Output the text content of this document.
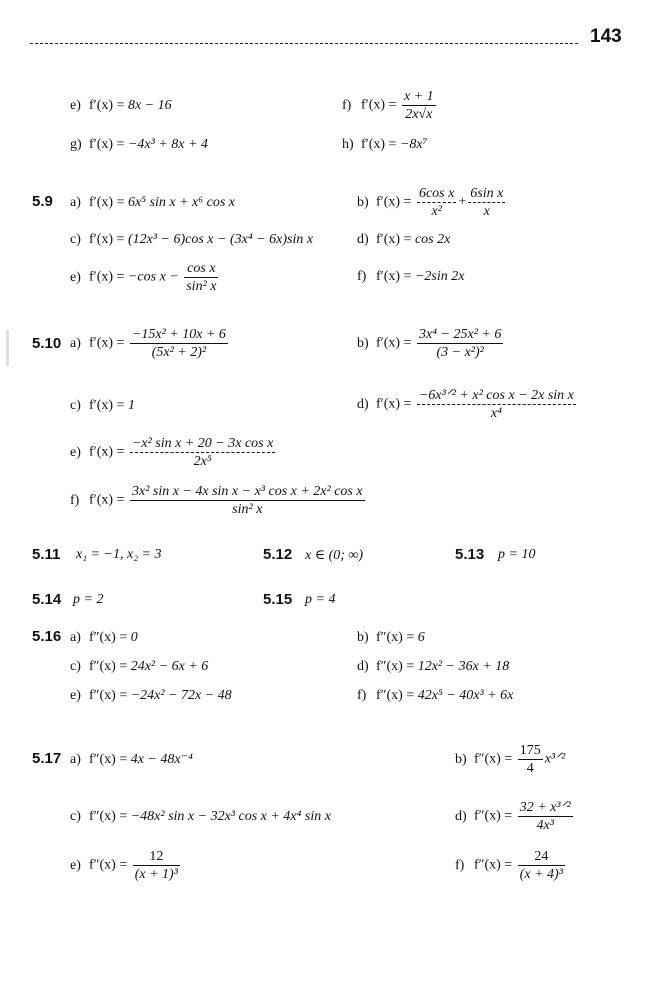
143
e) f′(x) = 8x − 16	f) $f'(x) = \frac{x + 1}{2x√x}$
g) f′(x) = −4x³ + 8x + 4	h) f′(x) = −8x⁷
5.9 a) f′(x) = 6x⁵ sin x + x⁶ cos x	b) $f'(x) = \frac{\text{6cos x}}{\text{x²}} + \frac{\text{6sin x}}{x}$
c) f′(x) = (12x³ − 6)cos x − (3x⁴ − 6x)sin x	d) f′(x) = cos 2x
e) f′(x) = −cos $x - \frac{\text{cos x}}{\text{sin² x}}$	f) f′(x) = −2sin 2x
5.10 a) $f'(x) = \frac{\text{−15x² + 10x + 6}}{\text{(5x² + 2)²}}$	b) $f'(x) = \frac{\text{3x⁴ − 25x² + 6}}{\text{(3 − x²)²}}$
c) f′(x) = 1	d) $f'(x) = \frac{\text{−6x³ᐟ² + x² cos x − 2x sin x}}{\text{x⁴}}$
e) $f'(x) = \frac{\text{−x² sin x + 20 − 3x cos x}}{\text{2x⁵}}$
f) $f'(x) = \frac{\text{3x² sin x − 4x sin x − x³ cos x + 2x² cos x}}{\text{sin² x}}$
5.11 x₁ = −1, x₂ = 3	5.12 x ∈ (0; ∞)	5.13 p = 10
5.14 p = 2	5.15 p = 4
5.16 a) f″(x) = 0	b) f″(x) = 6
c) f″(x) = 24x² − 6x + 6	d) f″(x) = 12x² − 36x + 18
e) f″(x) = −24x² − 72x − 48	f) f″(x) = 42x⁵ − 40x³ + 6x
5.17 a) f″(x) = 4x − 48x⁻⁴	b) $f''(x) = \frac{175}{4}$ x³ᐟ²
c) f″(x) = −48x² sin x − 32x³ cos x + 4x⁴ sin x	d) $f''(x) = \frac{\text{32 + x³ᐟ²}}{\text{4x³}}$
e) $f''(x) = \frac{12}{\text{(x + 1)³}}$	f) $f''(x) = \frac{24}{\text{(x + 4)³}}$
